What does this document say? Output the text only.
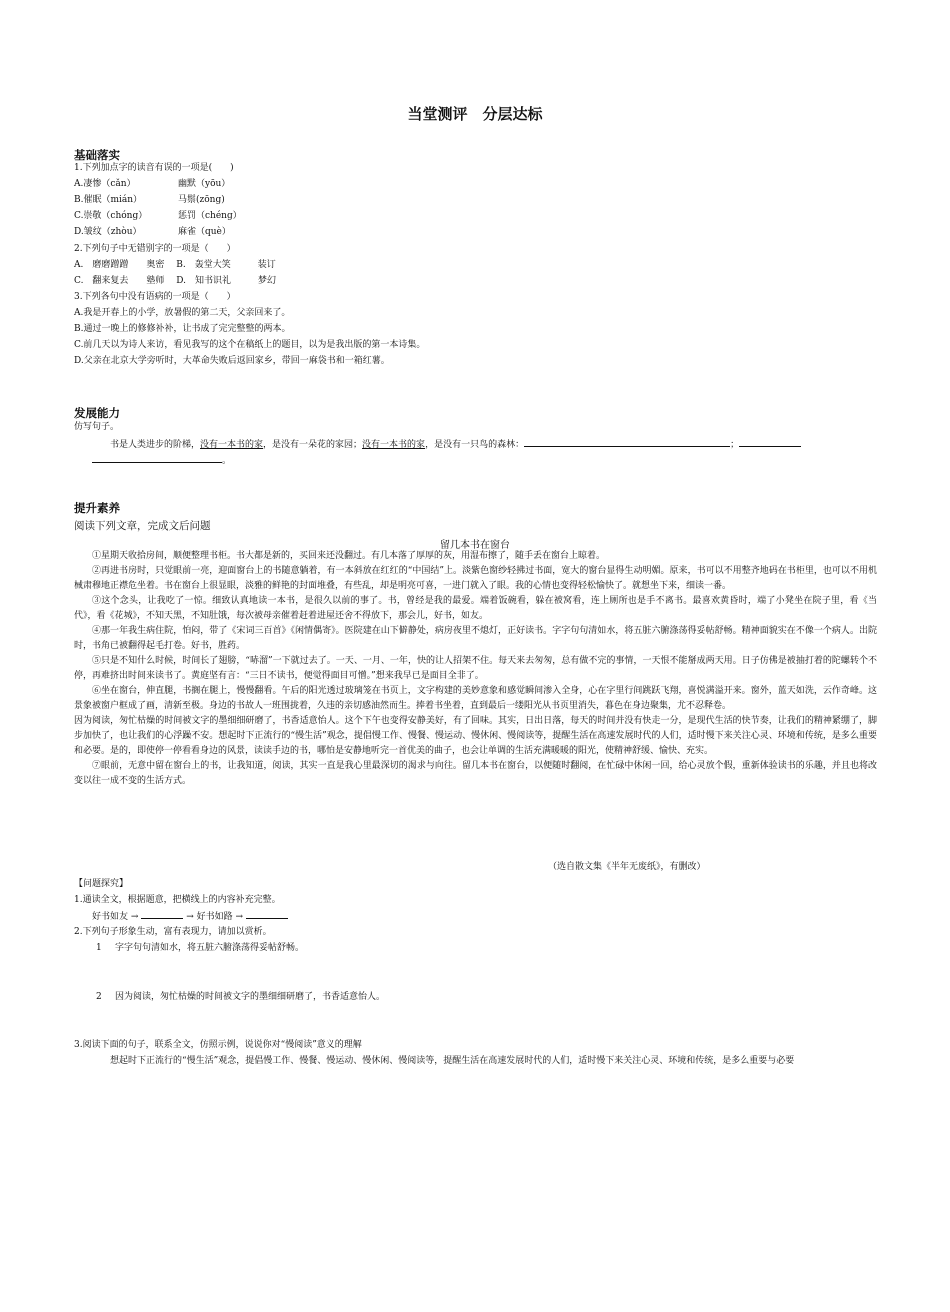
当堂测评　分层达标
基础落实
1.下列加点字的读音有误的一项是(　　)
A.凄惨（cǎn）	幽默（yōu）
B.催眠（mián）	马鬃(zōng)
C.崇敬（chóng）	惩罚（chéng）
D.皱纹（zhòu）	麻雀（què）
2.下列句子中无错别字的一项是（　　）
A.　磨磨蹭蹭　　奥密　 B.　轰堂大笑　　　装订
C.　翻来复去　　塾师　 D.　知书识礼　　　梦幻
3.下列各句中没有语病的一项是（　　）
A.我是开春上的小学，放暑假的第二天，父亲回来了。
B.通过一晚上的修修补补，让书成了完完整整的两本。
C.前几天以为诗人来访，看见我写的这个在稿纸上的题目，以为是我出版的第一本诗集。
D.父亲在北京大学旁听时，大革命失败后返回家乡，带回一麻袋书和一箱红薯。
发展能力
仿写句子。
书是人类进步的阶梯，没有一本书的家，是没有一朵花的家园；没有一本书的家，是没有一只鸟的森林：	；
。
提升素养
阅读下列文章，完成文后问题
留几本书在窗台

①星期天收拾房间，顺便整理书柜。书大都是新的，买回来还没翻过。有几本落了厚厚的灰，用湿布擦了，随手丢在窗台上晾着。

②再进书房时，只觉眼前一亮，迎面窗台上的书随意躺着，有一本斜放在红红的“中国结”上。淡紫色窗纱轻拂过书面，宽大的窗台显得生动明媚。原来，书可以不用整齐地码在书柜里，也可以不用机械肃穆地正襟危坐着。书在窗台上很显眼，淡雅的鲜艳的封面堆叠，有些乱，却是明亮可喜，一进门就入了眼。我的心情也变得轻松愉快了。就想坐下来，细读一番。

③这个念头，让我吃了一惊。细致认真地读一本书，是很久以前的事了。书，曾经是我的最爱。端着饭碗看，躲在被窝看，连上厕所也是手不离书。最喜欢黄昏时，端了小凳坐在院子里，看《当代》，看《花城》，不知天黑，不知肚饿，每次被母亲催着赶着进屋还舍不得放下，那会儿，好书，如友。

④那一年我生病住院，怕闷，带了《宋词三百首》《闲情偶寄》。医院建在山下僻静处，病房夜里不熄灯，正好读书。字字句句清如水，将五脏六腑涤荡得妥帖舒畅。精神面貌实在不像一个病人。出院时，书角已被翻得起毛打卷。好书，胜药。

⑤只是不知什么时候，时间长了翅膀，“哧溜”一下就过去了。一天、一月、一年，快的让人招架不住。每天来去匆匆，总有做不完的事情，一天恨不能掰成两天用。日子仿佛是被抽打着的陀螺转个不停，再难挤出时间来读书了。黄庭坚有言：“三日不读书，便觉得面目可憎。”想来我早已是面目全非了。

⑥坐在窗台，伸直腿，书搁在腿上，慢慢翻看。午后的阳光透过玻璃笼在书页上，文字构建的美妙意象和感觉瞬间渗入全身，心在字里行间跳跃飞翔，喜悦满溢开来。窗外，蓝天如洗，云作奇峰。这景象被窗户框成了画，清新至极。身边的书故人一班围拢着，久违的亲切感油然而生。捧着书坐着，直到最后一缕阳光从书页里消失，暮色在身边聚集，尤不忍释卷。

因为阅读，匆忙枯燥的时间被文字的墨细细研磨了，书香适意怡人。这个下午也变得安静美好，有了回味。其实，日出日落，每天的时间并没有快走一分，是现代生活的快节奏，让我们的精神紧绷了，脚步加快了，也让我们的心浮躁不安。想起时下正流行的“慢生活”观念，提倡慢工作、慢餐、慢运动、慢休闲、慢阅读等，提醒生活在高速发展时代的人们，适时慢下来关注心灵、环境和传统，是多么重要和必要。是的，即使停一停看看身边的风景，读读手边的书，哪怕是安静地听完一首优美的曲子，也会让单调的生活充满暖暖的阳光，使精神舒缓、愉快、充实。

⑦眼前，无意中留在窗台上的书，让我知道，阅读，其实一直是我心里最深切的渴求与向往。留几本书在窗台，以便随时翻阅，在忙碌中休闲一回，给心灵放个假，重新体验读书的乐趣，并且也将改变以往一成不变的生活方式。

（选自散文集《半年无废纸》，有删改）
【问题探究】
1.通读全文，根据题意，把横线上的内容补充完整。
好书如友 →	→ 好书如路 →
2.下列句子形象生动，富有表现力，请加以赏析。
1 字字句句清如水，将五脏六腑涤荡得妥帖舒畅。
2 因为阅读，匆忙枯燥的时间被文字的墨细细研磨了，书香适意怡人。
3.阅读下面的句子，联系全文，仿照示例，说说你对“慢阅读”意义的理解

想起时下正流行的“慢生活”观念，提倡慢工作、慢餐、慢运动、慢休闲、慢阅读等，提醒生活在高速发展时代的人们，适时慢下来关注心灵、环境和传统，是多么重要与必要
